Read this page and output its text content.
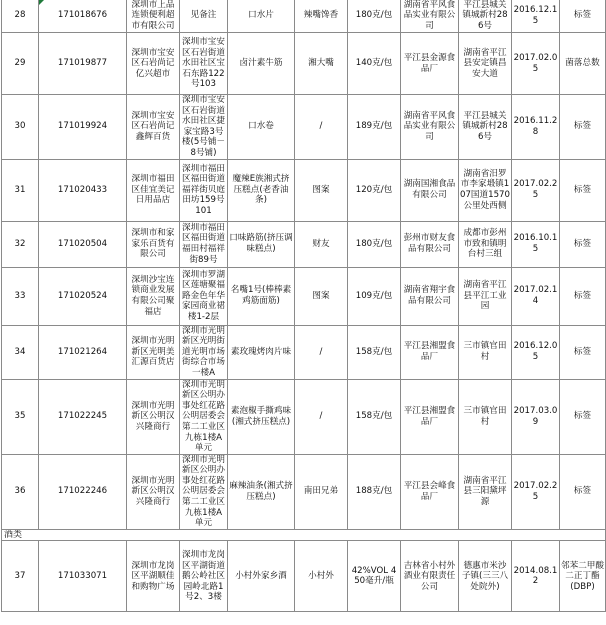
28	171018676	深圳市上品连锁便利超市有限公司	见备注	口水片	辣嘴馋香	180克/包	湖南省平风食品实业有限公司	平江县城关镇城新村286号	2016.12.15	标签
29	171019877	深圳市宝安区石岩尚记亿兴超市	深圳市宝安区石岩街道水田社区宝石东路122号103	卤汁素牛筋	湘大嘴	140克/包	平江县金源食品厂	湖南省平江县安定镇昌安大道	2017.02.05	菌落总数
30	171019924	深圳市宝安区石岩尚记鑫辉百货	深圳市宝安区石岩街道水田社区捷家宝路3号楼(5号铺－8号铺)	口水卷	/	189克/包	湖南省平风食品实业有限公司	平江县城关镇城新村286号	2016.11.28	标签
31	171020433	深圳市福田区佳宜美记日用品店	深圳市福田区福田街道福祥街贝庭田坊159号101	魔辣E族湘式挤压糕点(老香油条)	图案	120克/包	湖南国湘食品有限公司	湖南省汨罗市李家塅镇107国道1570公里处西侧	2017.02.25	标签
32	171020504	深圳市和家家乐百货有限公司	深圳市福田区福田街道福田村福祥街89号	口味路筋(挤压调味糕点)	财友	180克/包	彭州市财友食品有限公司	成都市彭州市致和镇明台村三组	2016.10.15	标签
33	171020524	深圳沙宝连锁商业发展有限公司聚福店	深圳市罗湖区莲塘聚福路金色年华家园商业裙楼1-2层	名嘴1号(棒棒素鸡筋面筋)	图案	109克/包	湖南省翔宇食品有限公司	湖南省平江县平江工业园	2017.02.14	标签
34	171021264	深圳市光明新区光明美汇源百货店	深圳市光明新区光明街道光明市场街综合市场一楼A	素玫瑰烤肉片味	/	158克/包	平江县湘盟食品厂	三市镇官田村	2016.12.05	标签
35	171022245	深圳市光明新区公明汉兴隆商行	深圳市光明新区公明办事处红花路公明居委会第二工业区九栋1楼A单元	素泡椒手撕鸡味(湘式挤压糕点)	/	158克/包	平江县湘盟食品厂	三市镇官田村	2017.03.09	标签
36	171022246	深圳市光明新区公明汉兴隆商行	深圳市光明新区公明办事处红花路公明居委会第二工业区九栋1楼A单元	麻辣油条(湘式挤压糕点)	南田兄弟	188克/包	平江县会峰食品厂	湖南省平江县三阳黛坪源	2017.02.25	标签
酒类										
37	171033071	深圳市龙岗区平湖顺佳和购物广场	深圳市龙岗区平湖街道鹅公岭社区园岭北路1号2、3楼	小村外家乡酒	小村外	42%VOL 450毫升/瓶	吉林省小村外酒业有限责任公司	德惠市米沙子镇(三三八处院外)	2014.08.12	邻苯二甲酸二正丁酯(DBP)
